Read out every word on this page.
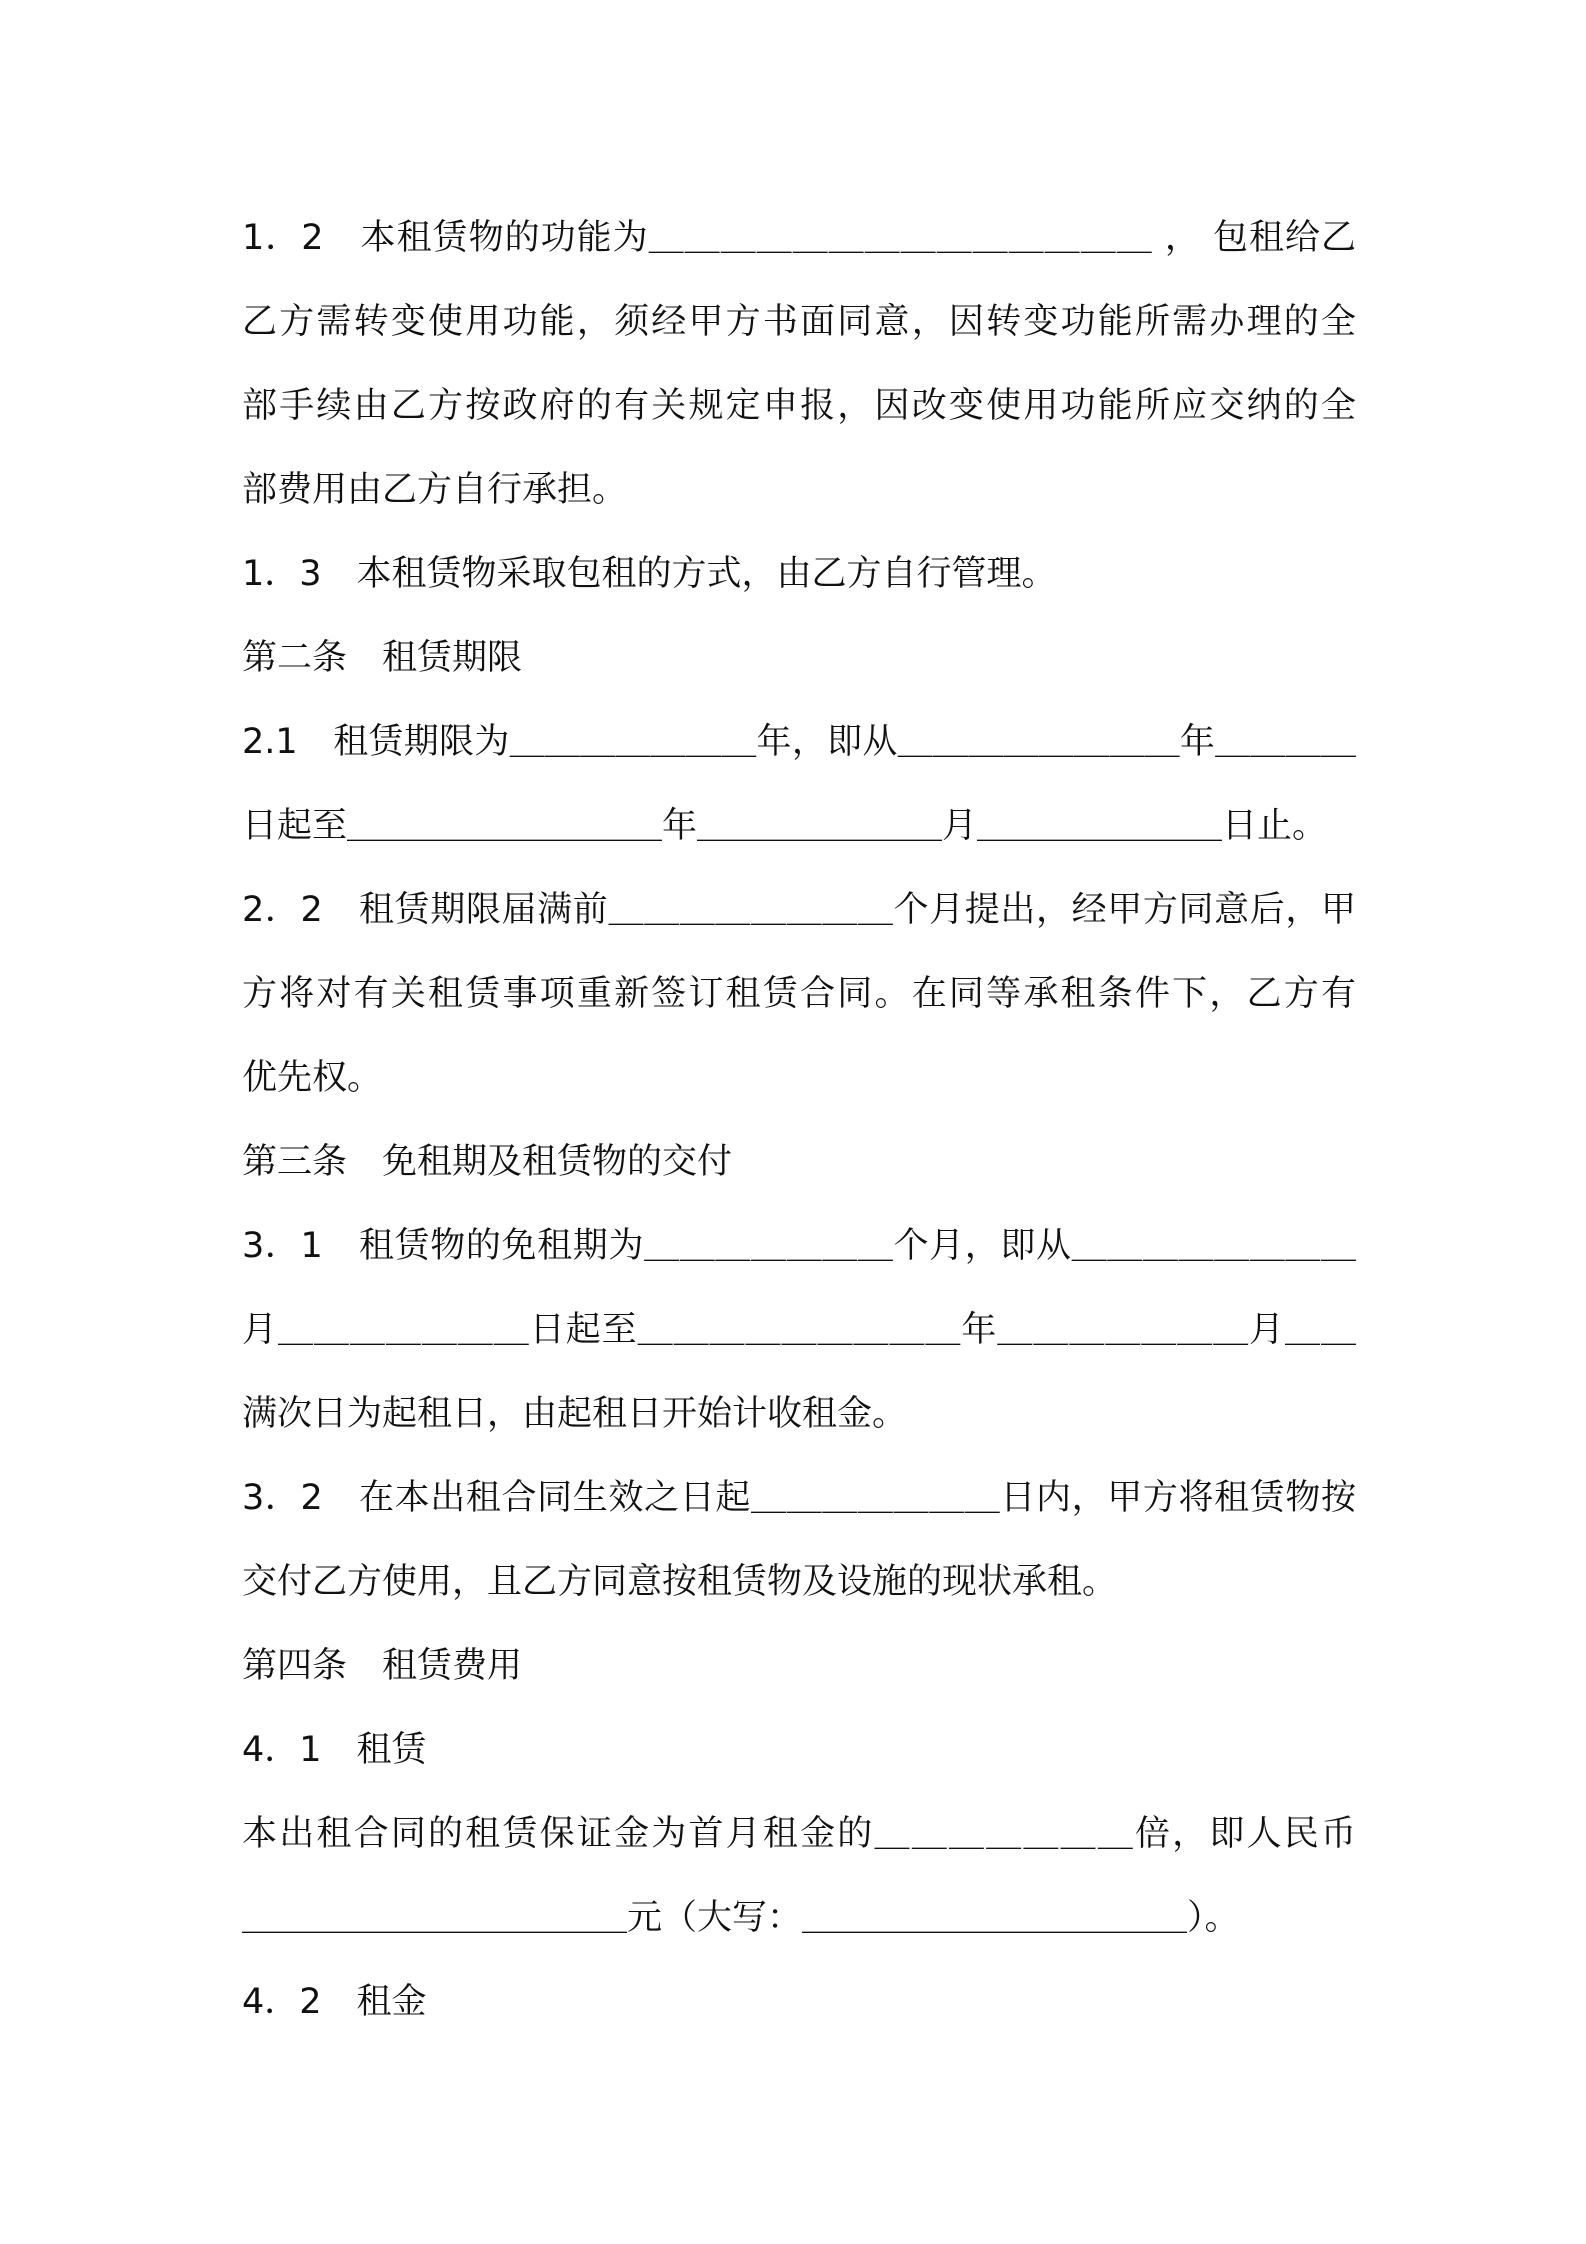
1．2　本租赁物的功能为＿＿＿＿＿＿＿＿＿＿＿＿＿＿ ， 包租给乙
乙方需转变使用功能，须经甲方书面同意，因转变功能所需办理的全
部手续由乙方按政府的有关规定申报，因改变使用功能所应交纳的全
部费用由乙方自行承担。
1．3　本租赁物采取包租的方式，由乙方自行管理。
第二条　租赁期限
2.1　租赁期限为＿＿＿＿＿＿＿年，即从＿＿＿＿＿＿＿＿年＿＿＿＿
日起至＿＿＿＿＿＿＿＿＿年＿＿＿＿＿＿＿月＿＿＿＿＿＿＿日止。
2．2　租赁期限届满前＿＿＿＿＿＿＿＿个月提出，经甲方同意后，甲
方将对有关租赁事项重新签订租赁合同。在同等承租条件下，乙方有
优先权。
第三条　免租期及租赁物的交付
3．1　租赁物的免租期为＿＿＿＿＿＿＿个月，即从＿＿＿＿＿＿＿＿
月＿＿＿＿＿＿＿日起至＿＿＿＿＿＿＿＿＿年＿＿＿＿＿＿＿月＿＿
满次日为起租日，由起租日开始计收租金。
3．2　在本出租合同生效之日起＿＿＿＿＿＿＿日内，甲方将租赁物按
交付乙方使用，且乙方同意按租赁物及设施的现状承租。
第四条　租赁费用
4．1　租赁
本出租合同的租赁保证金为首月租金的＿＿＿＿＿＿＿倍，即人民币
＿＿＿＿＿＿＿＿＿＿＿元（大写：＿＿＿＿＿＿＿＿＿＿＿）。
4．2　租金
